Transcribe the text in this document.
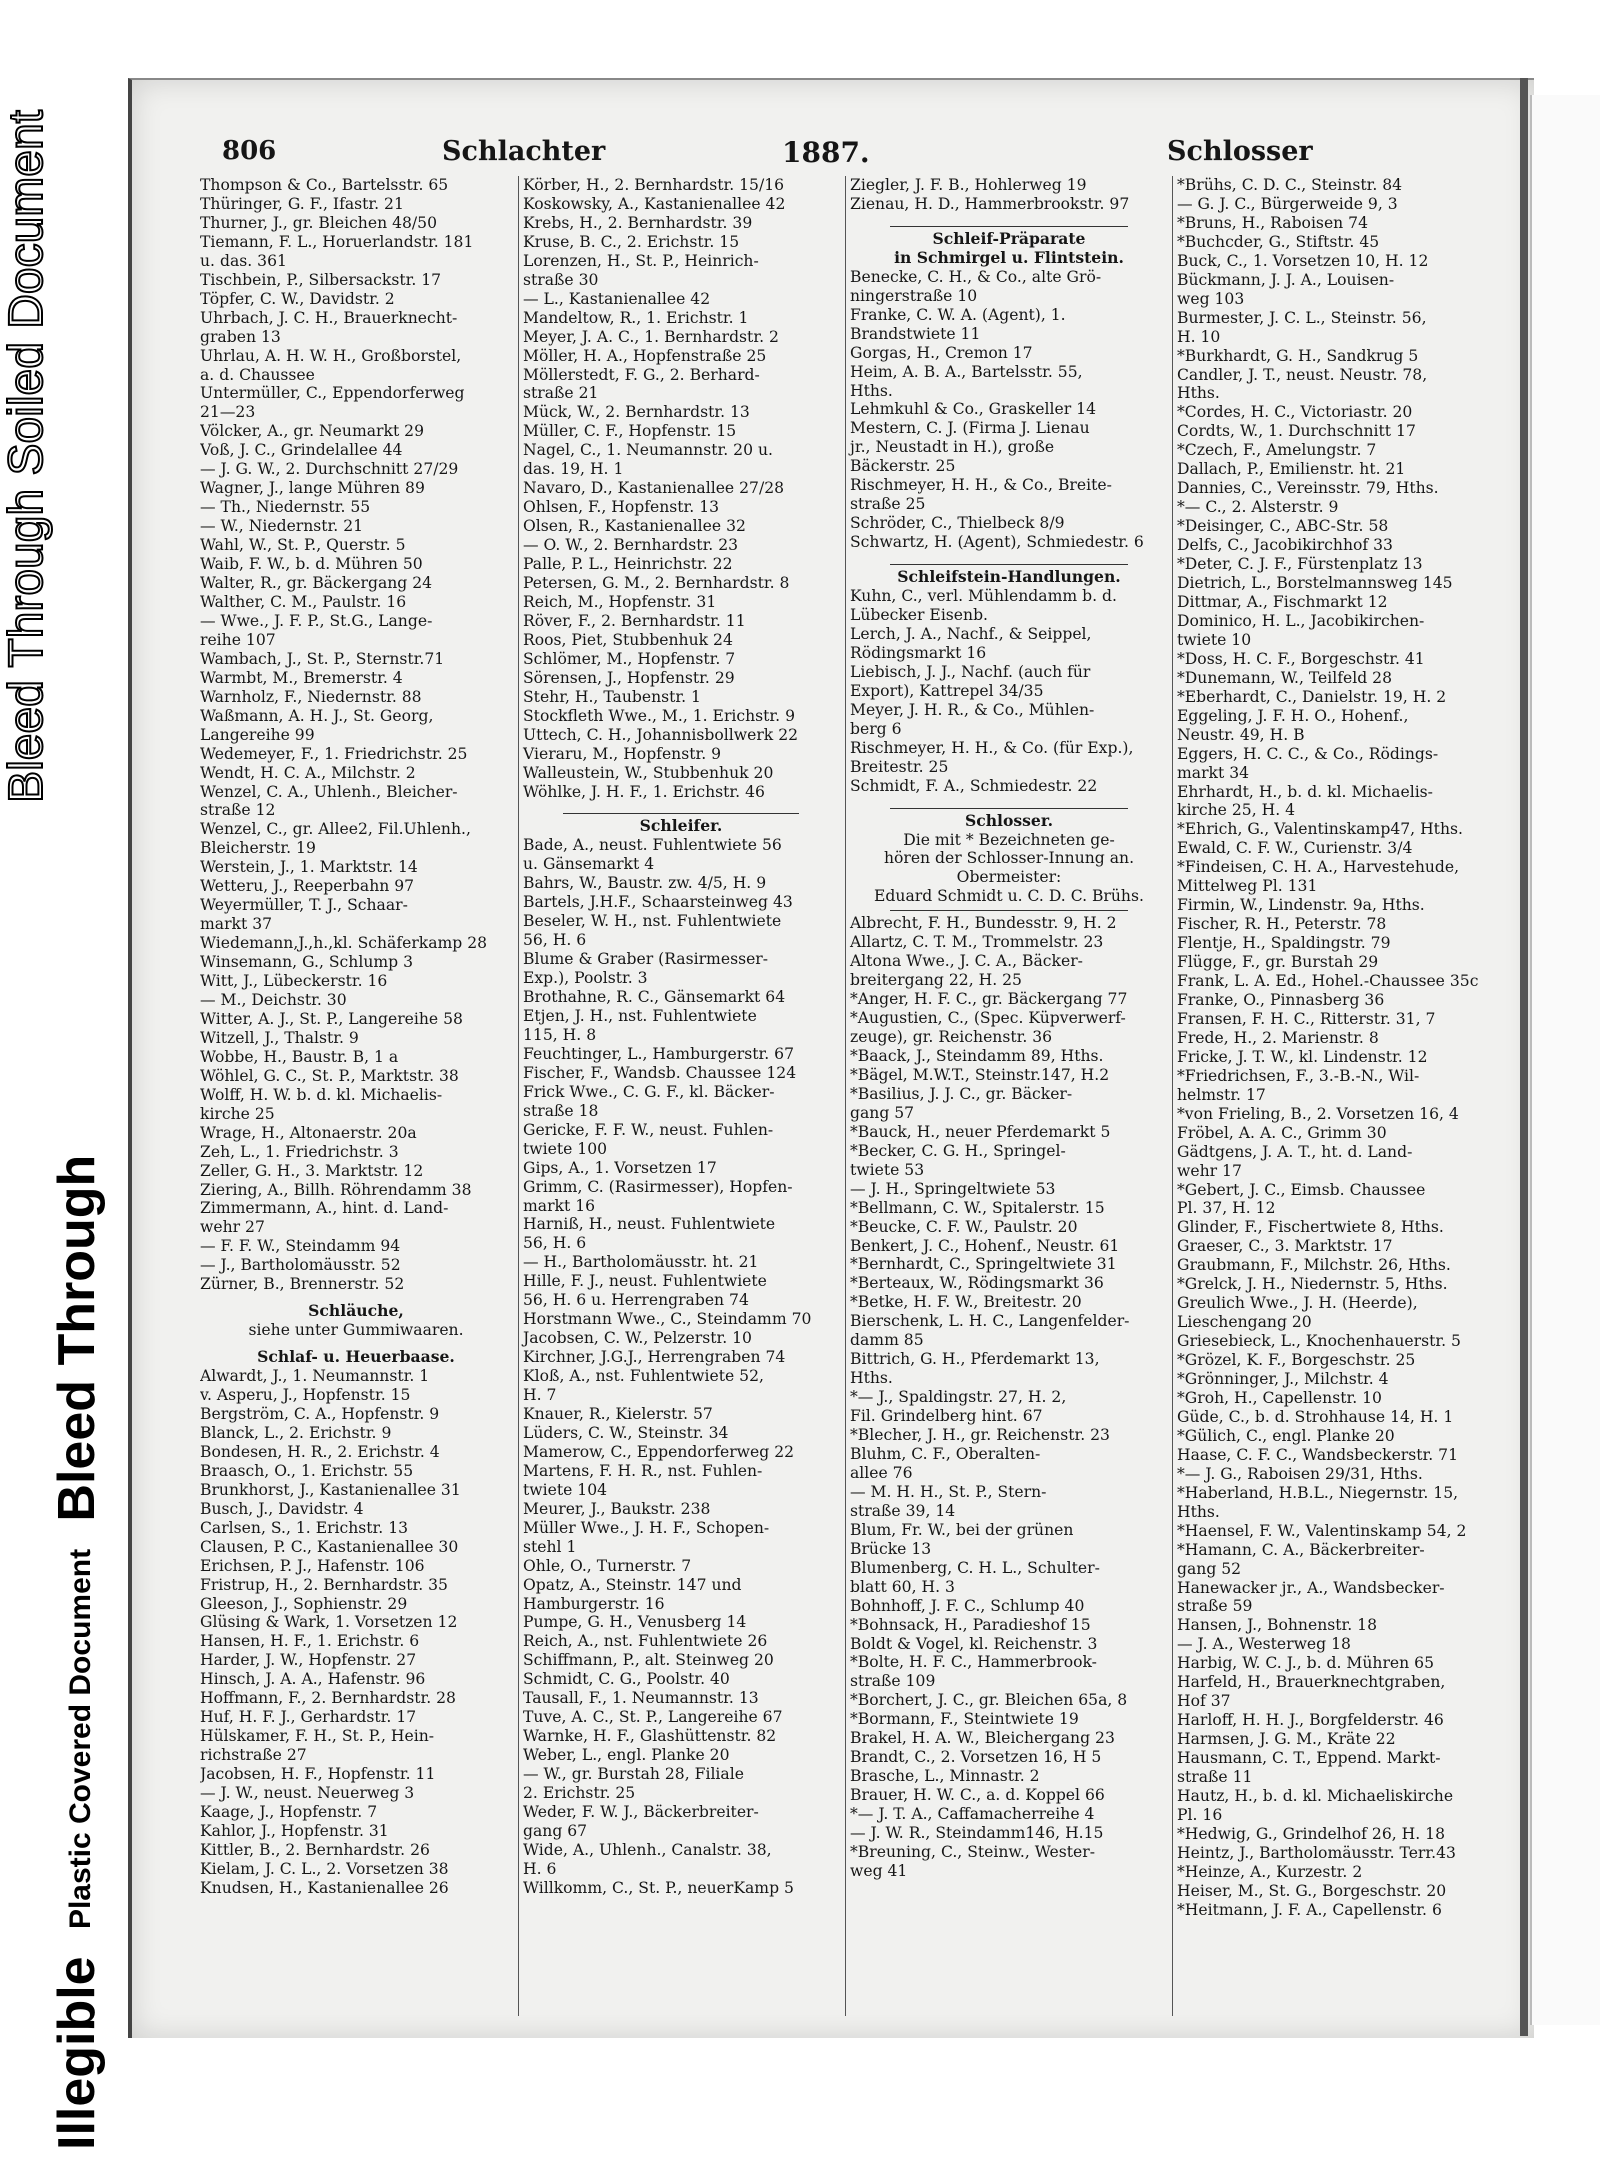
Bleed Through Soiled Document
Illegible Plastic Covered Document Bleed Through
806	Schlachter	1887.	Schlosser
Thompson & Co., Bartelsstr. 65
Thüringer, G. F., Ifastr. 21
Thurner, J., gr. Bleichen 48/50
Tiemann, F. L., Horuerlandstr. 181
u. das. 361
Tischbein, P., Silbersackstr. 17
Töpfer, C. W., Davidstr. 2
Uhrbach, J. C. H., Brauerknecht-
graben 13
Uhrlau, A. H. W. H., Großborstel,
a. d. Chaussee
Untermüller, C., Eppendorferweg
21—23
Völcker, A., gr. Neumarkt 29
Voß, J. C., Grindelallee 44
— J. G. W., 2. Durchschnitt 27/29
Wagner, J., lange Mühren 89
— Th., Niedernstr. 55
— W., Niedernstr. 21
Wahl, W., St. P., Querstr. 5
Waib, F. W., b. d. Mühren 50
Walter, R., gr. Bäckergang 24
Walther, C. M., Paulstr. 16
— Wwe., J. F. P., St.G., Lange-
reihe 107
Wambach, J., St. P., Sternstr.71
Warmbt, M., Bremerstr. 4
Warnholz, F., Niedernstr. 88
Waßmann, A. H. J., St. Georg,
Langereihe 99
Wedemeyer, F., 1. Friedrichstr. 25
Wendt, H. C. A., Milchstr. 2
Wenzel, C. A., Uhlenh., Bleicher-
straße 12
Wenzel, C., gr. Allee2, Fil.Uhlenh.,
Bleicherstr. 19
Werstein, J., 1. Marktstr. 14
Wetteru, J., Reeperbahn 97
Weyermüller, T. J., Schaar-
markt 37
Wiedemann,J.,h.,kl. Schäferkamp 28
Winsemann, G., Schlump 3
Witt, J., Lübeckerstr. 16
— M., Deichstr. 30
Witter, A. J., St. P., Langereihe 58
Witzell, J., Thalstr. 9
Wobbe, H., Baustr. B, 1 a
Wöhlel, G. C., St. P., Marktstr. 38
Wolff, H. W. b. d. kl. Michaelis-
kirche 25
Wrage, H., Altonaerstr. 20a
Zeh, L., 1. Friedrichstr. 3
Zeller, G. H., 3. Marktstr. 12
Ziering, A., Billh. Röhrendamm 38
Zimmermann, A., hint. d. Land-
wehr 27
— F. F. W., Steindamm 94
— J., Bartholomäusstr. 52
Zürner, B., Brennerstr. 52
Schläuche,
siehe unter Gummiwaaren.
Schlaf- u. Heuerbaase.
Alwardt, J., 1. Neumannstr. 1
v. Asperu, J., Hopfenstr. 15
Bergström, C. A., Hopfenstr. 9
Blanck, L., 2. Erichstr. 9
Bondesen, H. R., 2. Erichstr. 4
Braasch, O., 1. Erichstr. 55
Brunkhorst, J., Kastanienallee 31
Busch, J., Davidstr. 4
Carlsen, S., 1. Erichstr. 13
Clausen, P. C., Kastanienallee 30
Erichsen, P. J., Hafenstr. 106
Fristrup, H., 2. Bernhardstr. 35
Gleeson, J., Sophienstr. 29
Glüsing & Wark, 1. Vorsetzen 12
Hansen, H. F., 1. Erichstr. 6
Harder, J. W., Hopfenstr. 27
Hinsch, J. A. A., Hafenstr. 96
Hoffmann, F., 2. Bernhardstr. 28
Huf, H. F. J., Gerhardstr. 17
Hülskamer, F. H., St. P., Hein-
richstraße 27
Jacobsen, H. F., Hopfenstr. 11
— J. W., neust. Neuerweg 3
Kaage, J., Hopfenstr. 7
Kahlor, J., Hopfenstr. 31
Kittler, B., 2. Bernhardstr. 26
Kielam, J. C. L., 2. Vorsetzen 38
Knudsen, H., Kastanienallee 26
Körber, H., 2. Bernhardstr. 15/16
Koskowsky, A., Kastanienallee 42
Krebs, H., 2. Bernhardstr. 39
Kruse, B. C., 2. Erichstr. 15
Lorenzen, H., St. P., Heinrich-
straße 30
— L., Kastanienallee 42
Mandeltow, R., 1. Erichstr. 1
Meyer, J. A. C., 1. Bernhardstr. 2
Möller, H. A., Hopfenstraße 25
Möllerstedt, F. G., 2. Berhard-
straße 21
Mück, W., 2. Bernhardstr. 13
Müller, C. F., Hopfenstr. 15
Nagel, C., 1. Neumannstr. 20 u.
das. 19, H. 1
Navaro, D., Kastanienallee 27/28
Ohlsen, F., Hopfenstr. 13
Olsen, R., Kastanienallee 32
— O. W., 2. Bernhardstr. 23
Palle, P. L., Heinrichstr. 22
Petersen, G. M., 2. Bernhardstr. 8
Reich, M., Hopfenstr. 31
Röver, F., 2. Bernhardstr. 11
Roos, Piet, Stubbenhuk 24
Schlömer, M., Hopfenstr. 7
Sörensen, J., Hopfenstr. 29
Stehr, H., Taubenstr. 1
Stockfleth Wwe., M., 1. Erichstr. 9
Uttech, C. H., Johannisbollwerk 22
Vieraru, M., Hopfenstr. 9
Walleustein, W., Stubbenhuk 20
Wöhlke, J. H. F., 1. Erichstr. 46
Schleifer.
Bade, A., neust. Fuhlentwiete 56
u. Gänsemarkt 4
Bahrs, W., Baustr. zw. 4/5, H. 9
Bartels, J.H.F., Schaarsteinweg 43
Beseler, W. H., nst. Fuhlentwiete
56, H. 6
Blume & Graber (Rasirmesser-
Exp.), Poolstr. 3
Brothahne, R. C., Gänsemarkt 64
Etjen, J. H., nst. Fuhlentwiete
115, H. 8
Feuchtinger, L., Hamburgerstr. 67
Fischer, F., Wandsb. Chaussee 124
Frick Wwe., C. G. F., kl. Bäcker-
straße 18
Gericke, F. F. W., neust. Fuhlen-
twiete 100
Gips, A., 1. Vorsetzen 17
Grimm, C. (Rasirmesser), Hopfen-
markt 16
Harniß, H., neust. Fuhlentwiete
56, H. 6
— H., Bartholomäusstr. ht. 21
Hille, F. J., neust. Fuhlentwiete
56, H. 6 u. Herrengraben 74
Horstmann Wwe., C., Steindamm 70
Jacobsen, C. W., Pelzerstr. 10
Kirchner, J.G.J., Herrengraben 74
Kloß, A., nst. Fuhlentwiete 52,
H. 7
Knauer, R., Kielerstr. 57
Lüders, C. W., Steinstr. 34
Mamerow, C., Eppendorferweg 22
Martens, F. H. R., nst. Fuhlen-
twiete 104
Meurer, J., Baukstr. 238
Müller Wwe., J. H. F., Schopen-
stehl 1
Ohle, O., Turnerstr. 7
Opatz, A., Steinstr. 147 und
Hamburgerstr. 16
Pumpe, G. H., Venusberg 14
Reich, A., nst. Fuhlentwiete 26
Schiffmann, P., alt. Steinweg 20
Schmidt, C. G., Poolstr. 40
Tausall, F., 1. Neumannstr. 13
Tuve, A. C., St. P., Langereihe 67
Warnke, H. F., Glashüttenstr. 82
Weber, L., engl. Planke 20
— W., gr. Burstah 28, Filiale
2. Erichstr. 25
Weder, F. W. J., Bäckerbreiter-
gang 67
Wide, A., Uhlenh., Canalstr. 38,
H. 6
Willkomm, C., St. P., neuerKamp 5
Ziegler, J. F. B., Hohlerweg 19
Zienau, H. D., Hammerbrookstr. 97
Schleif-Präparate
in Schmirgel u. Flintstein.
Benecke, C. H., & Co., alte Grö-
ningerstraße 10
Franke, C. W. A. (Agent), 1.
Brandstwiete 11
Gorgas, H., Cremon 17
Heim, A. B. A., Bartelsstr. 55,
Hths.
Lehmkuhl & Co., Graskeller 14
Mestern, C. J. (Firma J. Lienau
jr., Neustadt in H.), große
Bäckerstr. 25
Rischmeyer, H. H., & Co., Breite-
straße 25
Schröder, C., Thielbeck 8/9
Schwartz, H. (Agent), Schmiedestr. 6
Schleifstein-Handlungen.
Kuhn, C., verl. Mühlendamm b. d.
Lübecker Eisenb.
Lerch, J. A., Nachf., & Seippel,
Rödingsmarkt 16
Liebisch, J. J., Nachf. (auch für
Export), Kattrepel 34/35
Meyer, J. H. R., & Co., Mühlen-
berg 6
Rischmeyer, H. H., & Co. (für Exp.),
Breitestr. 25
Schmidt, F. A., Schmiedestr. 22
Schlosser.
Die mit * Bezeichneten ge-
hören der Schlosser-Innung an.
Obermeister:
Eduard Schmidt u. C. D. C. Brühs.
Albrecht, F. H., Bundesstr. 9, H. 2
Allartz, C. T. M., Trommelstr. 23
Altona Wwe., J. C. A., Bäcker-
breitergang 22, H. 25
*Anger, H. F. C., gr. Bäckergang 77
*Augustien, C., (Spec. Küpverwerf-
zeuge), gr. Reichenstr. 36
*Baack, J., Steindamm 89, Hths.
*Bägel, M.W.T., Steinstr.147, H.2
*Basilius, J. J. C., gr. Bäcker-
gang 57
*Bauck, H., neuer Pferdemarkt 5
*Becker, C. G. H., Springel-
twiete 53
— J. H., Springeltwiete 53
*Bellmann, C. W., Spitalerstr. 15
*Beucke, C. F. W., Paulstr. 20
Benkert, J. C., Hohenf., Neustr. 61
*Bernhardt, C., Springeltwiete 31
*Berteaux, W., Rödingsmarkt 36
*Betke, H. F. W., Breitestr. 20
Bierschenk, L. H. C., Langenfelder-
damm 85
Bittrich, G. H., Pferdemarkt 13,
Hths.
*— J., Spaldingstr. 27, H. 2,
Fil. Grindelberg hint. 67
*Blecher, J. H., gr. Reichenstr. 23
Bluhm, C. F., Oberalten-
allee 76
— M. H. H., St. P., Stern-
straße 39, 14
Blum, Fr. W., bei der grünen
Brücke 13
Blumenberg, C. H. L., Schulter-
blatt 60, H. 3
Bohnhoff, J. F. C., Schlump 40
*Bohnsack, H., Paradieshof 15
Boldt & Vogel, kl. Reichenstr. 3
*Bolte, H. F. C., Hammerbrook-
straße 109
*Borchert, J. C., gr. Bleichen 65a, 8
*Bormann, F., Steintwiete 19
Brakel, H. A. W., Bleichergang 23
Brandt, C., 2. Vorsetzen 16, H 5
Brasche, L., Minnastr. 2
Brauer, H. W. C., a. d. Koppel 66
*— J. T. A., Caffamacherreihe 4
— J. W. R., Steindamm146, H.15
*Breuning, C., Steinw., Wester-
weg 41
*Brühs, C. D. C., Steinstr. 84
— G. J. C., Bürgerweide 9, 3
*Bruns, H., Raboisen 74
*Buchcder, G., Stiftstr. 45
Buck, C., 1. Vorsetzen 10, H. 12
Bückmann, J. J. A., Louisen-
weg 103
Burmester, J. C. L., Steinstr. 56,
H. 10
*Burkhardt, G. H., Sandkrug 5
Candler, J. T., neust. Neustr. 78,
Hths.
*Cordes, H. C., Victoriastr. 20
Cordts, W., 1. Durchschnitt 17
*Czech, F., Amelungstr. 7
Dallach, P., Emilienstr. ht. 21
Dannies, C., Vereinsstr. 79, Hths.
*— C., 2. Alsterstr. 9
*Deisinger, C., ABC-Str. 58
Delfs, C., Jacobikirchhof 33
*Deter, C. J. F., Fürstenplatz 13
Dietrich, L., Borstelmannsweg 145
Dittmar, A., Fischmarkt 12
Dominico, H. L., Jacobikirchen-
twiete 10
*Doss, H. C. F., Borgeschstr. 41
*Dunemann, W., Teilfeld 28
*Eberhardt, C., Danielstr. 19, H. 2
Eggeling, J. F. H. O., Hohenf.,
Neustr. 49, H. B
Eggers, H. C. C., & Co., Rödings-
markt 34
Ehrhardt, H., b. d. kl. Michaelis-
kirche 25, H. 4
*Ehrich, G., Valentinskamp47, Hths.
Ewald, C. F. W., Curienstr. 3/4
*Findeisen, C. H. A., Harvestehude,
Mittelweg Pl. 131
Firmin, W., Lindenstr. 9a, Hths.
Fischer, R. H., Peterstr. 78
Flentje, H., Spaldingstr. 79
Flügge, F., gr. Burstah 29
Frank, L. A. Ed., Hohel.-Chaussee 35c
Franke, O., Pinnasberg 36
Fransen, F. H. C., Ritterstr. 31, 7
Frede, H., 2. Marienstr. 8
Fricke, J. T. W., kl. Lindenstr. 12
*Friedrichsen, F., 3.-B.-N., Wil-
helmstr. 17
*von Frieling, B., 2. Vorsetzen 16, 4
Fröbel, A. A. C., Grimm 30
Gädtgens, J. A. T., ht. d. Land-
wehr 17
*Gebert, J. C., Eimsb. Chaussee
Pl. 37, H. 12
Glinder, F., Fischertwiete 8, Hths.
Graeser, C., 3. Marktstr. 17
Graubmann, F., Milchstr. 26, Hths.
*Grelck, J. H., Niedernstr. 5, Hths.
Greulich Wwe., J. H. (Heerde),
Lieschengang 20
Griesebieck, L., Knochenhauerstr. 5
*Grözel, K. F., Borgeschstr. 25
*Grönninger, J., Milchstr. 4
*Groh, H., Capellenstr. 10
Güde, C., b. d. Strohhause 14, H. 1
*Gülich, C., engl. Planke 20
Haase, C. F. C., Wandsbeckerstr. 71
*— J. G., Raboisen 29/31, Hths.
*Haberland, H.B.L., Niegernstr. 15,
Hths.
*Haensel, F. W., Valentinskamp 54, 2
*Hamann, C. A., Bäckerbreiter-
gang 52
Hanewacker jr., A., Wandsbecker-
straße 59
Hansen, J., Bohnenstr. 18
— J. A., Westerweg 18
Harbig, W. C. J., b. d. Mühren 65
Harfeld, H., Brauerknechtgraben,
Hof 37
Harloff, H. H. J., Borgfelderstr. 46
Harmsen, J. G. M., Kräte 22
Hausmann, C. T., Eppend. Markt-
straße 11
Hautz, H., b. d. kl. Michaeliskirche
Pl. 16
*Hedwig, G., Grindelhof 26, H. 18
Heintz, J., Bartholomäusstr. Terr.43
*Heinze, A., Kurzestr. 2
Heiser, M., St. G., Borgeschstr. 20
*Heitmann, J. F. A., Capellenstr. 6
